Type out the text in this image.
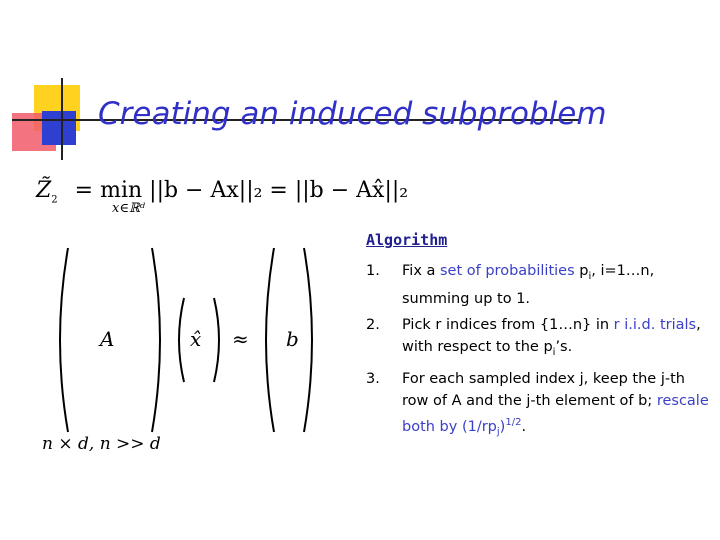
Creating an induced subproblem
$Z̃_2 = \min ||b - Ax||_2 = ||b$ − Ax̂||₂
x∈ℝᵈ
A	x̂ ≈ b
n × d, n >> d
Algorithm
1. Fix a set of probabilities $p_i$, i=1…n, summing up to 1.
2. Pick r indices from {1…n} in r i.i.d. trials, with respect to the $p_i’s$.
3. For each sampled index j, keep the j-th row of A and the j-th element of b; rescale both by $(1/rp_j)^{1/2}$.
